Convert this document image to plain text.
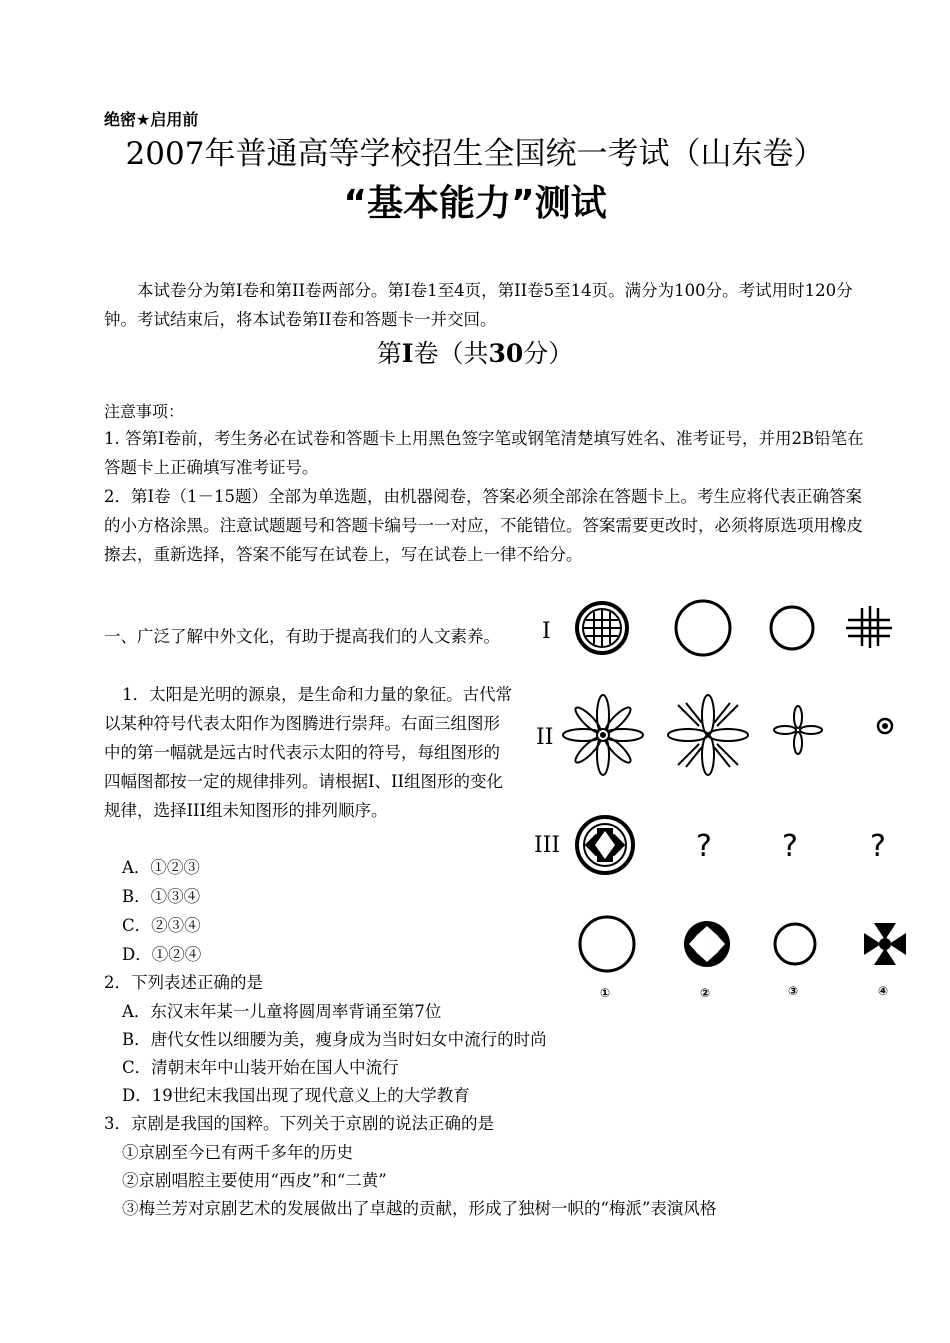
绝密★启用前
2007年普通高等学校招生全国统一考试（山东卷）
“基本能力”测试
本试卷分为第I卷和第II卷两部分。第I卷1至4页，第II卷5至14页。满分为100分。考试用时120分钟。考试结束后，将本试卷第II卷和答题卡一并交回。
第I卷（共30分）
注意事项：
1. 答第I卷前，考生务必在试卷和答题卡上用黑色签字笔或钢笔清楚填写姓名、准考证号，并用2B铅笔在答题卡上正确填写准考证号。
2．第I卷（1－15题）全部为单选题，由机器阅卷，答案必须全部涂在答题卡上。考生应将代表正确答案的小方格涂黑。注意试题题号和答题卡编号一一对应，不能错位。答案需要更改时，必须将原选项用橡皮擦去，重新选择，答案不能写在试卷上，写在试卷上一律不给分。
一、广泛了解中外文化，有助于提高我们的人文素养。
1．太阳是光明的源泉，是生命和力量的象征。古代常以某种符号代表太阳作为图腾进行崇拜。右面三组图形中的第一幅就是远古时代表示太阳的符号，每组图形的四幅图都按一定的规律排列。请根据I、II组图形的变化规律，选择III组未知图形的排列顺序。
A．①②③
B．①③④
C．②③④
D．①②④
2．下列表述正确的是
A．东汉末年某一儿童将圆周率背诵至第7位
B．唐代女性以细腰为美，瘦身成为当时妇女中流行的时尚
C．清朝末年中山装开始在国人中流行
D．19世纪末我国出现了现代意义上的大学教育
3．京剧是我国的国粹。下列关于京剧的说法正确的是
①京剧至今已有两千多年的历史
②京剧唱腔主要使用“西皮”和“二黄”
③梅兰芳对京剧艺术的发展做出了卓越的贡献，形成了独树一帜的“梅派”表演风格
I
II
III	? ? ?
①	②	③	④
